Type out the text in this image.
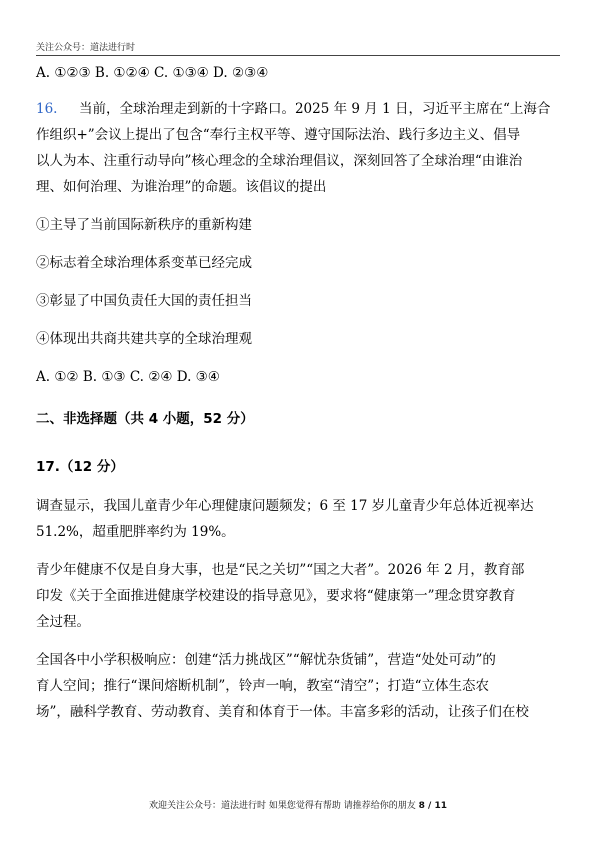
关注公众号：道法进行时
A. ①②③ B. ①②④ C. ①③④ D. ②③④
16. 当前，全球治理走到新的十字路口。2025 年 9 月 1 日，习近平主席在“上海合
作组织+”会议上提出了包含“奉行主权平等、遵守国际法治、践行多边主义、倡导
以人为本、注重行动导向”核心理念的全球治理倡议，深刻回答了全球治理“由谁治
理、如何治理、为谁治理”的命题。该倡议的提出
①主导了当前国际新秩序的重新构建
②标志着全球治理体系变革已经完成
③彰显了中国负责任大国的责任担当
④体现出共商共建共享的全球治理观
A. ①② B. ①③ C. ②④ D. ③④
二、非选择题（共 4 小题，52 分）
17.（12 分）
调查显示，我国儿童青少年心理健康问题频发；6 至 17 岁儿童青少年总体近视率达
51.2%，超重肥胖率约为 19%。
青少年健康不仅是自身大事，也是“民之关切”“国之大者”。2026 年 2 月，教育部
印发《关于全面推进健康学校建设的指导意见》，要求将“健康第一”理念贯穿教育
全过程。
全国各中小学积极响应：创建“活力挑战区”“解忧杂货铺”，营造“处处可动”的
育人空间；推行“课间熔断机制”，铃声一响，教室“清空”；打造“立体生态农
场”，融科学教育、劳动教育、美育和体育于一体。丰富多彩的活动，让孩子们在校
欢迎关注公众号：道法进行时 如果您觉得有帮助 请推荐给你的朋友 8 / 11
